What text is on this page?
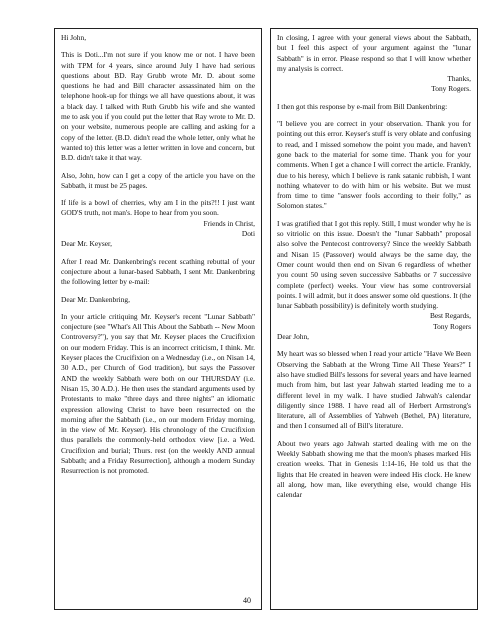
Hi John,

This is Doti...I'm not sure if you know me or not. I have been with TPM for 4 years, since around July I have had serious questions about BD. Ray Grubb wrote Mr. D. about some questions he had and Bill character assassinated him on the telephone hook-up for things we all have questions about, it was a black day. I talked with Ruth Grubb his wife and she wanted me to ask you if you could put the letter that Ray wrote to Mr. D. on your website, numerous people are calling and asking for a copy of the letter. (B.D. didn't read the whole letter, only what he wanted to) this letter was a letter written in love and concern, but B.D. didn't take it that way.

Also, John, how can I get a copy of the article you have on the Sabbath, it must be 25 pages.

If life is a bowl of cherries, why am I in the pits?!! I just want GOD'S truth, not man's. Hope to hear from you soon.

Friends in Christ,

Doti

Dear Mr. Keyser,

After I read Mr. Dankenbring's recent scathing rebuttal of your conjecture about a lunar-based Sabbath, I sent Mr. Dankenbring the following letter by e-mail:

Dear Mr. Dankenbring,

In your article critiquing Mr. Keyser's recent "Lunar Sabbath" conjecture (see "What's All This About the Sabbath -- New Moon Controversy?"), you say that Mr. Keyser places the Crucifixion on our modern Friday. This is an incorrect criticism, I think. Mr. Keyser places the Crucifixion on a Wednesday (i.e., on Nisan 14, 30 A.D., per Church of God tradition), but says the Passover AND the weekly Sabbath were both on our THURSDAY (i.e. Nisan 15, 30 A.D.). He then uses the standard arguments used by Protestants to make "three days and three nights" an idiomatic expression allowing Christ to have been resurrected on the morning after the Sabbath (i.e., on our modern Friday morning, in the view of Mr. Keyser). His chronology of the Crucifixion thus parallels the commonly-held orthodox view [i.e. a Wed. Crucifixion and burial; Thurs. rest (on the weekly AND annual Sabbath; and a Friday Resurrection], although a modern Sunday Resurrection is not promoted.

In closing, I agree with your general views about the Sabbath, but I feel this aspect of your argument against the "lunar Sabbath" is in error. Please respond so that I will know whether my analysis is correct.

Thanks,

Tony Rogers.

I then got this response by e-mail from Bill Dankenbring:

"I believe you are correct in your observation. Thank you for pointing out this error. Keyser's stuff is very oblate and confusing to read, and I missed somehow the point you made, and haven't gone back to the material for some time. Thank you for your comments. When I get a chance I will correct the article. Frankly, due to his heresy, which I believe is rank satanic rubbish, I want nothing whatever to do with him or his website. But we must from time to time "answer fools according to their folly," as Solomon states."

I was gratified that I got this reply. Still, I must wonder why he is so vitriolic on this issue. Doesn't the "lunar Sabbath" proposal also solve the Pentecost controversy? Since the weekly Sabbath and Nisan 15 (Passover) would always be the same day, the Omer count would then end on Sivan 6 regardless of whether you count 50 using seven successive Sabbaths or 7 successive complete (perfect) weeks. Your view has some controversial points. I will admit, but it does answer some old questions. It (the lunar Sabbath possibility) is definitely worth studying.

Best Regards,

Tony Rogers

Dear John,

My heart was so blessed when I read your article "Have We Been Observing the Sabbath at the Wrong Time All These Years?" I also have studied Bill's lessons for several years and have learned much from him, but last year Jahwah started leading me to a different level in my walk. I have studied Jahwah's calendar diligently since 1988. I have read all of Herbert Armstrong's literature, all of Assemblies of Yahweh (Bethel, PA) literature, and then I consumed all of Bill's literature.

About two years ago Jahwah started dealing with me on the Weekly Sabbath showing me that the moon's phases marked His creation weeks. That in Genesis 1:14-16, He told us that the lights that He created in heaven were indeed His clock. He knew all along, how man, like everything else, would change His calendar

40
